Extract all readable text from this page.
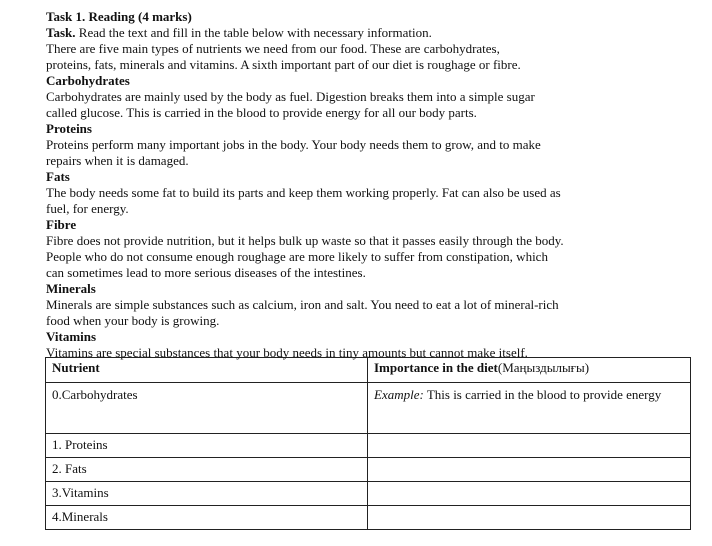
Task 1. Reading (4 marks)
Task. Read the text and fill in the table below with necessary information.
There are five main types of nutrients we need from our food. These are carbohydrates,
proteins, fats, minerals and vitamins. A sixth important part of our diet is roughage or fibre.
Carbohydrates
Carbohydrates are mainly used by the body as fuel. Digestion breaks them into a simple sugar
called glucose. This is carried in the blood to provide energy for all our body parts.
Proteins
Proteins perform many important jobs in the body. Your body needs them to grow, and to make
repairs when it is damaged.
Fats
The body needs some fat to build its parts and keep them working properly. Fat can also be used as
fuel, for energy.
Fibre
Fibre does not provide nutrition, but it helps bulk up waste so that it passes easily through the body.
People who do not consume enough roughage are more likely to suffer from constipation, which
can sometimes lead to more serious diseases of the intestines.
Minerals
Minerals are simple substances such as calcium, iron and salt. You need to eat a lot of mineral-rich
food when your body is growing.
Vitamins
Vitamins are special substances that your body needs in tiny amounts but cannot make itself.
Nutrient	Importance in the diet(Маңыздылығы)
0.Carbohydrates	Example: This is carried in the blood to provide energy
1. Proteins	
2. Fats	
3.Vitamins	
4.Minerals	
